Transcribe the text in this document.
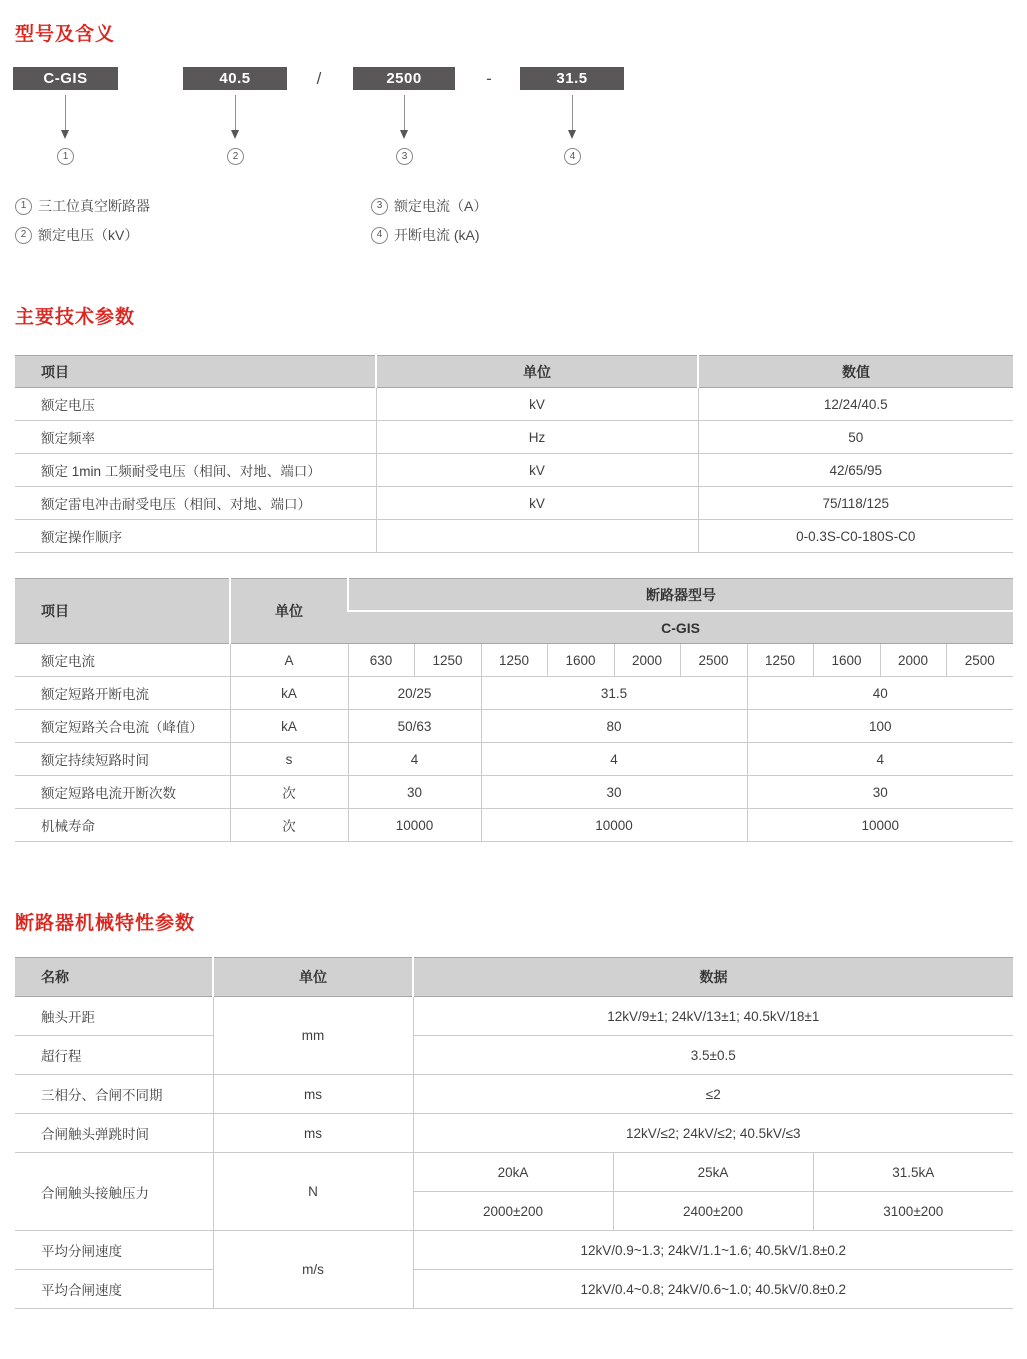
型号及含义
C-GIS	40.5	2500	31.5
/	-
1	2	3	4
1 三工位真空断路器
2 额定电压（kV）
3 额定电流（A）
4 开断电流 (kA)
主要技术参数
项目	单位	数值
额定电压	kV	12/24/40.5
额定频率	Hz	50
额定 1min 工频耐受电压（相间、对地、端口）	kV	42/65/95
额定雷电冲击耐受电压（相间、对地、端口）	kV	75/118/125
额定操作顺序		0-0.3S-C0-180S-C0
项目	单位	断路器型号									
		C-GIS									
额定电流	A	630	1250	1250	1600	2000	2500	1250	1600	2000	2500
额定短路开断电流	kA	20/25		31.5				40			
额定短路关合电流（峰值）	kA	50/63		80				100			
额定持续短路时间	s	4		4				4			
额定短路电流开断次数	次	30		30				30			
机械寿命	次	10000		10000				10000			
断路器机械特性参数
名称	单位	数据		
触头开距	mm	12kV/9±1; 24kV/13±1; 40.5kV/18±1		
超行程		3.5±0.5		
三相分、合闸不同期	ms	≤2		
合闸触头弹跳时间	ms	12kV/≤2; 24kV/≤2; 40.5kV/≤3		
合闸触头接触压力	N	20kA	25kA	31.5kA
		2000±200	2400±200	3100±200
平均分闸速度	m/s	12kV/0.9~1.3; 24kV/1.1~1.6; 40.5kV/1.8±0.2		
平均合闸速度		12kV/0.4~0.8; 24kV/0.6~1.0; 40.5kV/0.8±0.2		
